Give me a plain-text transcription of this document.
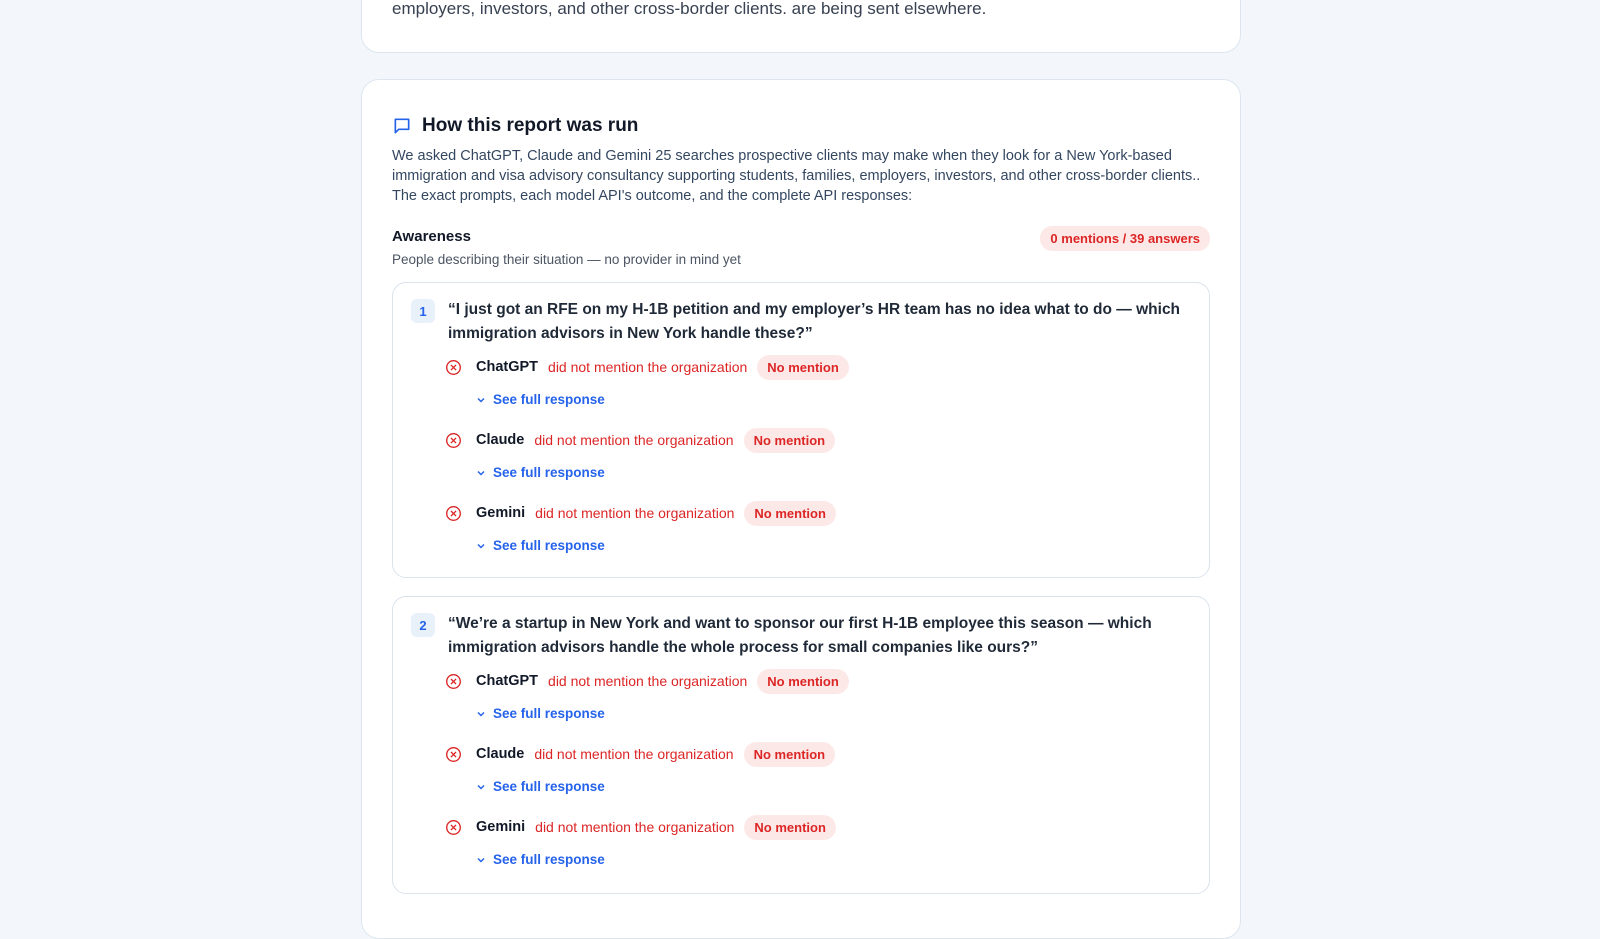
employers, investors, and other cross-border clients. are being sent elsewhere.
How this report was run
We asked ChatGPT, Claude and Gemini 25 searches prospective clients may make when they look for a New York-based immigration and visa advisory consultancy supporting students, families, employers, investors, and other cross-border clients.. The exact prompts, each model API's outcome, and the complete API responses:
Awareness
People describing their situation — no provider in mind yet
0 mentions / 39 answers
1	“I just got an RFE on my H-1B petition and my employer’s HR team has no idea what to do — which immigration advisors in New York handle these?”
ChatGPT did not mention the organization	No mention
See full response
Claude did not mention the organization	No mention
See full response
Gemini did not mention the organization	No mention
See full response
2	“We’re a startup in New York and want to sponsor our first H-1B employee this season — which immigration advisors handle the whole process for small companies like ours?”
ChatGPT did not mention the organization	No mention
See full response
Claude did not mention the organization	No mention
See full response
Gemini did not mention the organization	No mention
See full response
